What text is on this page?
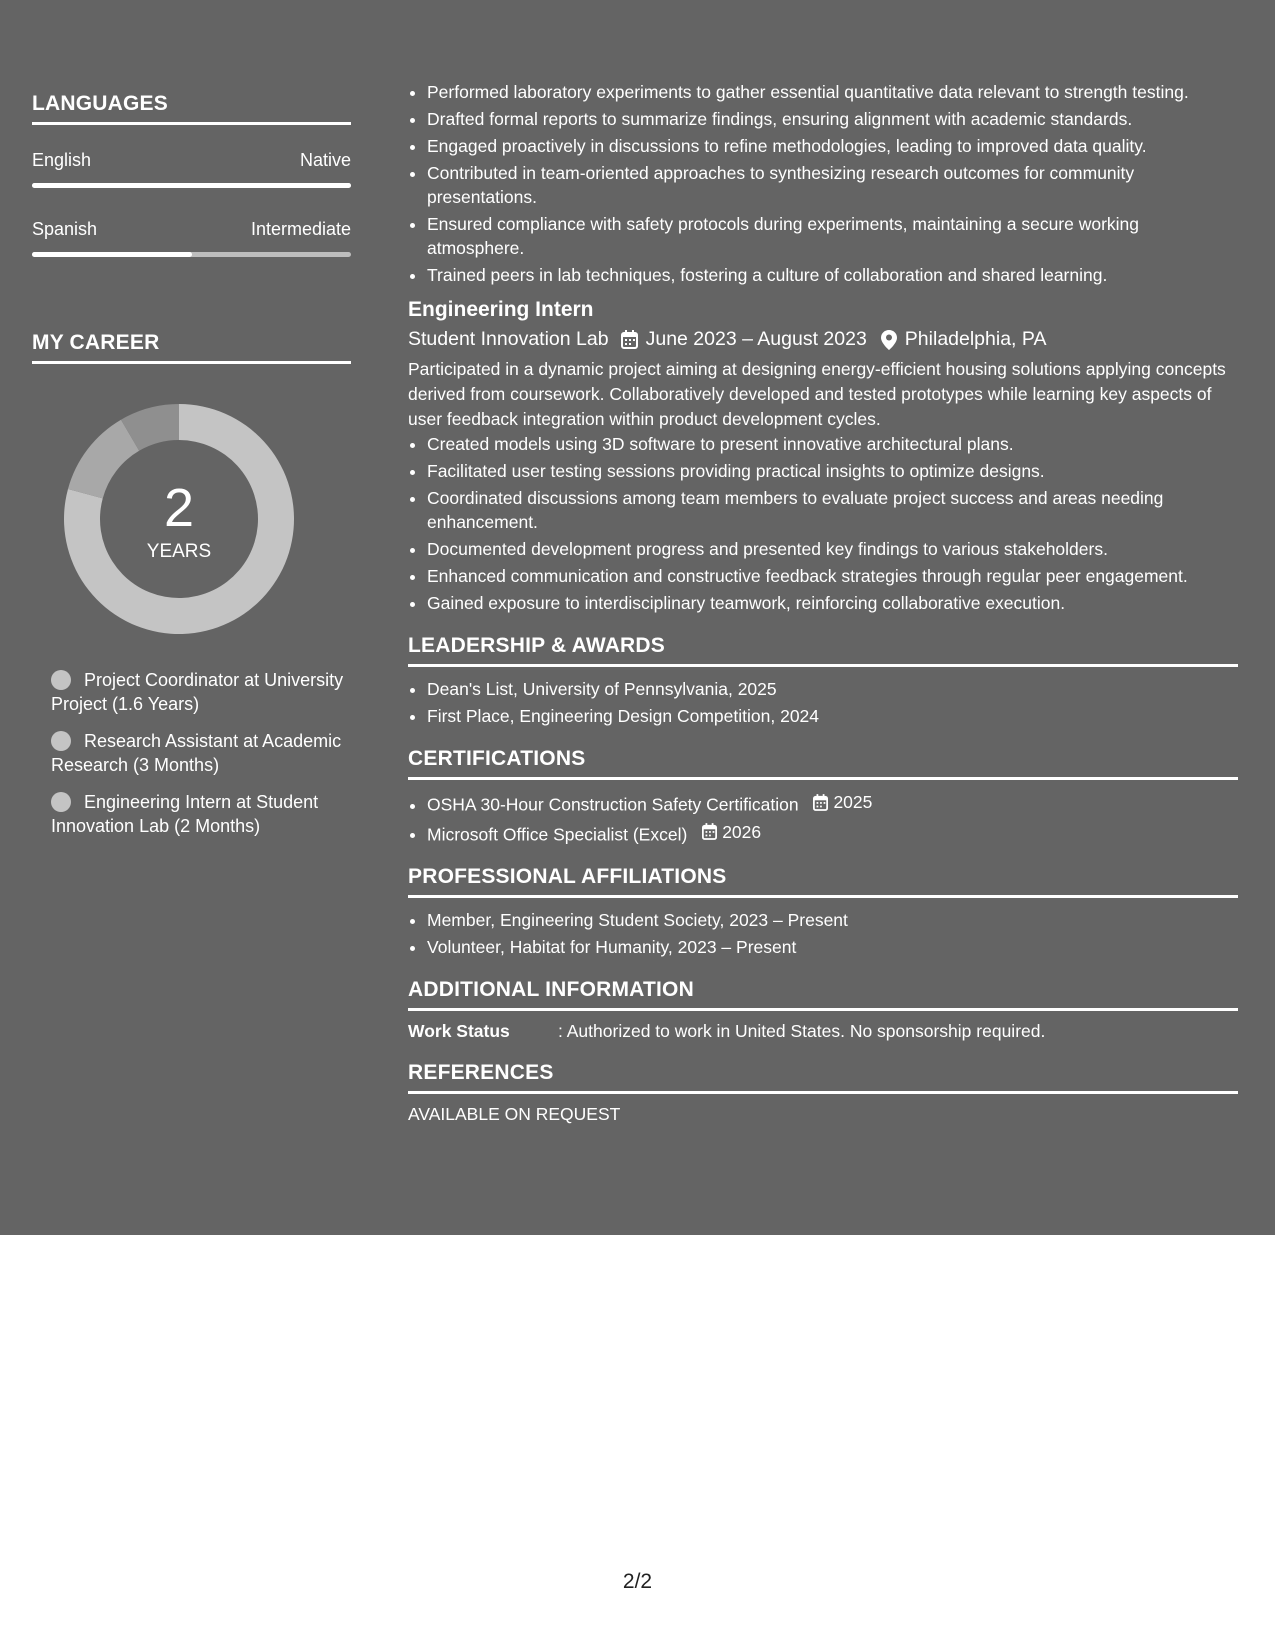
LANGUAGES
English	Native
Spanish	Intermediate
MY CAREER
2
YEARS
Project Coordinator at University Project (1.6 Years)
Research Assistant at Academic Research (3 Months)
Engineering Intern at Student Innovation Lab (2 Months)
• Performed laboratory experiments to gather essential quantitative data relevant to strength testing.
• Drafted formal reports to summarize findings, ensuring alignment with academic standards.
• Engaged proactively in discussions to refine methodologies, leading to improved data quality.
• Contributed in team-oriented approaches to synthesizing research outcomes for community presentations.
• Ensured compliance with safety protocols during experiments, maintaining a secure working atmosphere.
• Trained peers in lab techniques, fostering a culture of collaboration and shared learning.
Engineering Intern
Student Innovation Lab June 2023 – August 2023 Philadelphia, PA
Participated in a dynamic project aiming at designing energy-efficient housing solutions applying concepts derived from coursework. Collaboratively developed and tested prototypes while learning key aspects of user feedback integration within product development cycles.
• Created models using 3D software to present innovative architectural plans.
• Facilitated user testing sessions providing practical insights to optimize designs.
• Coordinated discussions among team members to evaluate project success and areas needing enhancement.
• Documented development progress and presented key findings to various stakeholders.
• Enhanced communication and constructive feedback strategies through regular peer engagement.
• Gained exposure to interdisciplinary teamwork, reinforcing collaborative execution.
LEADERSHIP & AWARDS
• Dean's List, University of Pennsylvania, 2025
• First Place, Engineering Design Competition, 2024
CERTIFICATIONS
• OSHA 30-Hour Construction Safety Certification 2025
• Microsoft Office Specialist (Excel) 2026
PROFESSIONAL AFFILIATIONS
• Member, Engineering Student Society, 2023 – Present
• Volunteer, Habitat for Humanity, 2023 – Present
ADDITIONAL INFORMATION
Work Status	: Authorized to work in United States. No sponsorship required.
REFERENCES
AVAILABLE ON REQUEST
2/2
